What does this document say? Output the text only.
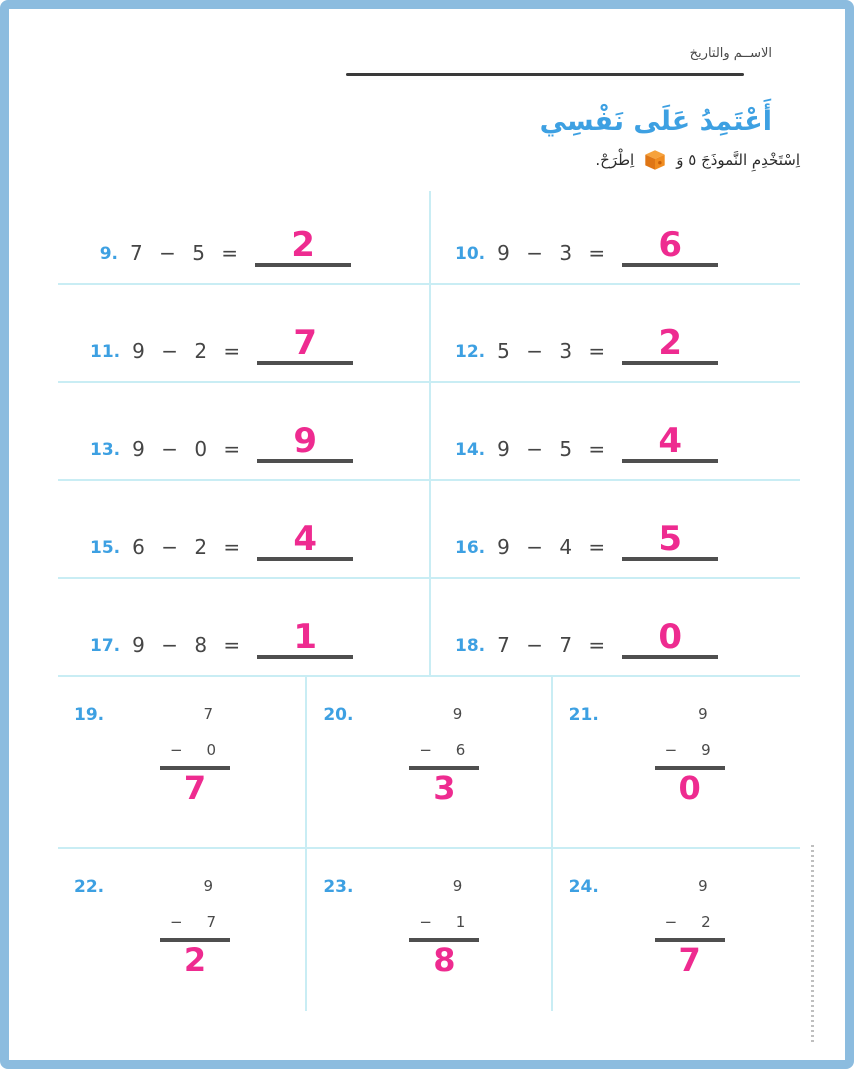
الاســم والتاريخ
أَعْتَمِدُ عَلَى نَفْسِي
اِسْتَخْدِمِ النَّموذَجَ ٥ وَ
اِطْرَحْ.
9. 7 − 5 =	2	10. 9 − 3 =	6
11. 9 − 2 =	7	12. 5 − 3 =	2
13. 9 − 0 =	9	14. 9 − 5 =	4
15. 6 − 2 =	4	16. 9 − 4 =	5
17. 9 − 8 =	1	18. 7 − 7 =	0
19.	7
− 0
7
20.	9
− 6
3
21.	9
− 9
0
22.	9
− 7
2
23.	9
− 1
8
24.	9
− 2
7
